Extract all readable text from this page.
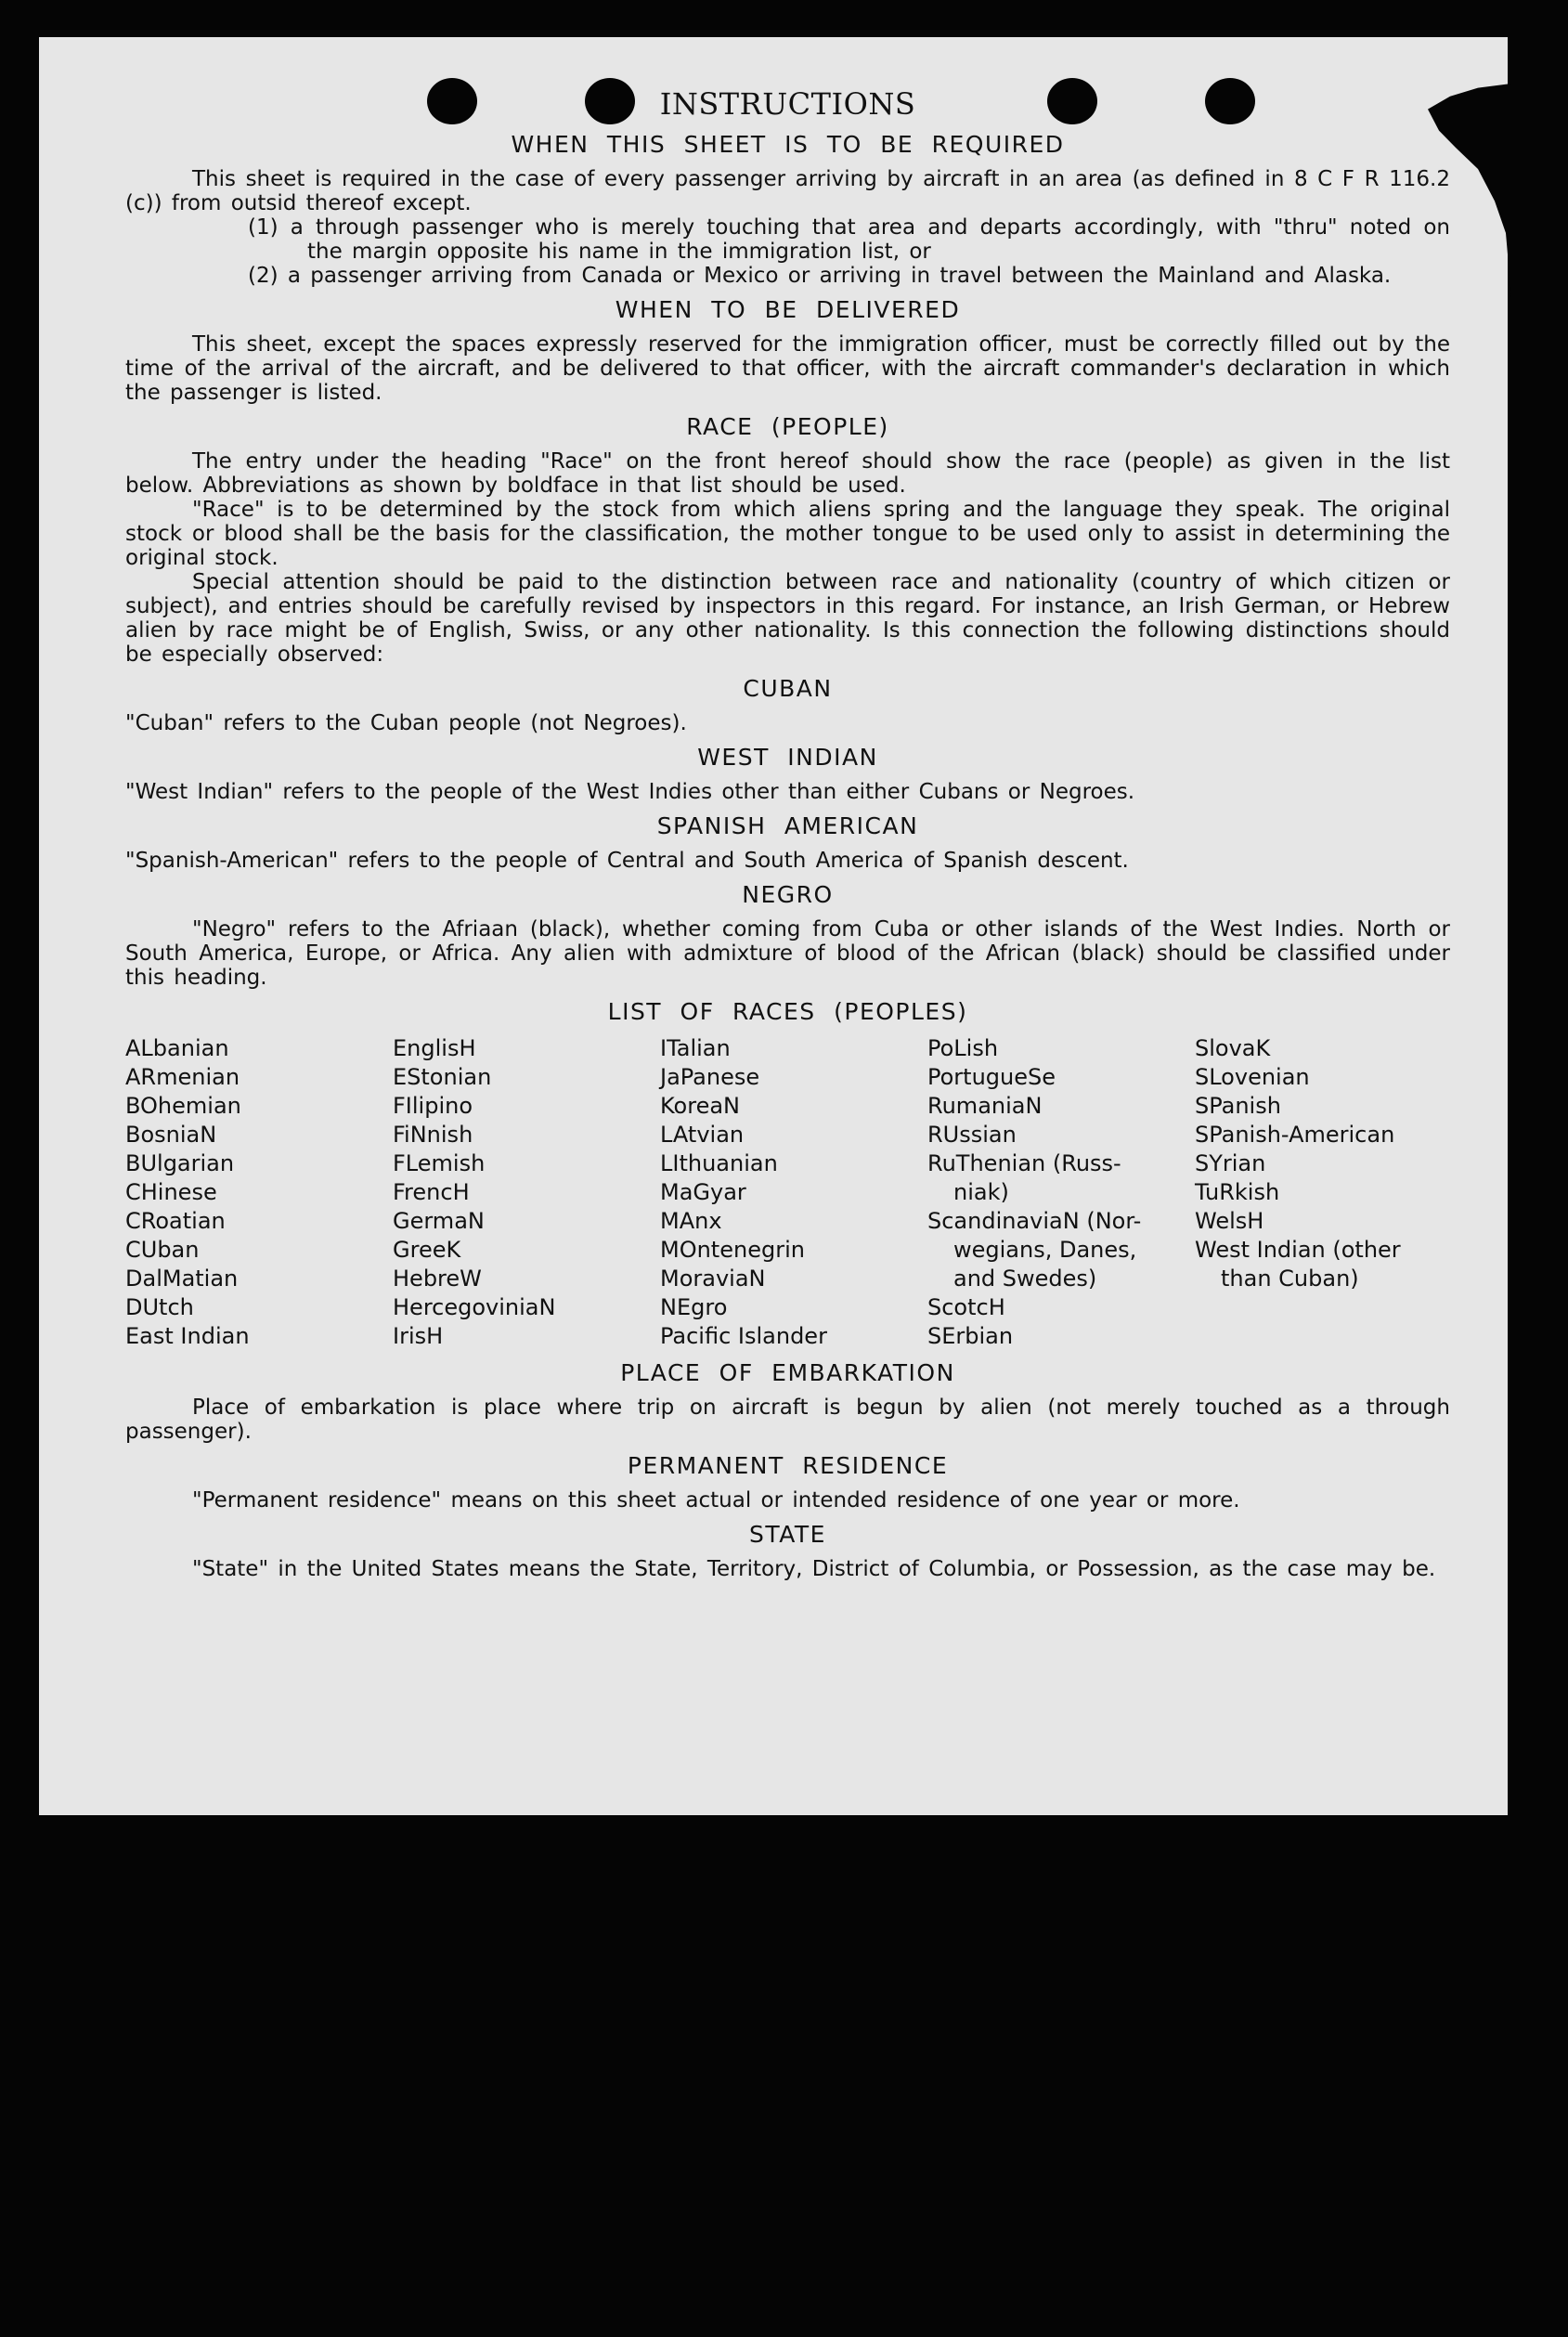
INSTRUCTIONS
WHEN THIS SHEET IS TO BE REQUIRED

This sheet is required in the case of every passenger arriving by aircraft in an area (as defined in 8 C F R 116.2 (c)) from outsid thereof except.

(1) a through passenger who is merely touching that area and departs accordingly, with "thru" noted on the margin opposite his name in the immigration list, or

(2) a passenger arriving from Canada or Mexico or arriving in travel between the Mainland and Alaska.

WHEN TO BE DELIVERED

This sheet, except the spaces expressly reserved for the immigration officer, must be correctly filled out by the time of the arrival of the aircraft, and be delivered to that officer, with the aircraft commander's declaration in which the passenger is listed.

RACE (PEOPLE)

The entry under the heading "Race" on the front hereof should show the race (people) as given in the list below. Abbreviations as shown by boldface in that list should be used.

"Race" is to be determined by the stock from which aliens spring and the language they speak. The original stock or blood shall be the basis for the classification, the mother tongue to be used only to assist in determining the original stock.

Special attention should be paid to the distinction between race and nationality (country of which citizen or subject), and entries should be carefully revised by inspectors in this regard. For instance, an Irish German, or Hebrew alien by race might be of English, Swiss, or any other nationality. Is this connection the following distinctions should be especially observed:

CUBAN

"Cuban" refers to the Cuban people (not Negroes).

WEST INDIAN

"West Indian" refers to the people of the West Indies other than either Cubans or Negroes.

SPANISH AMERICAN

"Spanish-American" refers to the people of Central and South America of Spanish descent.

NEGRO

"Negro" refers to the Afriaan (black), whether coming from Cuba or other islands of the West Indies. North or South America, Europe, or Africa. Any alien with admixture of blood of the African (black) should be classified under this heading.

LIST OF RACES (PEOPLES)
ALbanian
ARmenian
BOhemian
BosniaN
BUlgarian
CHinese
CRoatian
CUban
DalMatian
DUtch
East Indian
EnglisH
EStonian
FIlipino
FiNnish
FLemish
FrencH
GermaN
GreeK
HebreW
HercegoviniaN
IrisH
ITalian
JaPanese
KoreaN
LAtvian
LIthuanian
MaGyar
MAnx
MOntenegrin
MoraviaN
NEgro
Pacific Islander
PoLish
PortugueSe
RumaniaN
RUssian
RuThenian (Russ-
niak)
ScandinaviaN (Nor-
wegians, Danes,
and Swedes)
ScotcH
SErbian
SlovaK
SLovenian
SPanish
SPanish-American
SYrian
TuRkish
WelsH
West Indian (other
than Cuban)
PLACE OF EMBARKATION

Place of embarkation is place where trip on aircraft is begun by alien (not merely touched as a through passenger).

PERMANENT RESIDENCE

"Permanent residence" means on this sheet actual or intended residence of one year or more.

STATE

"State" in the United States means the State, Territory, District of Columbia, or Possession, as the case may be.
